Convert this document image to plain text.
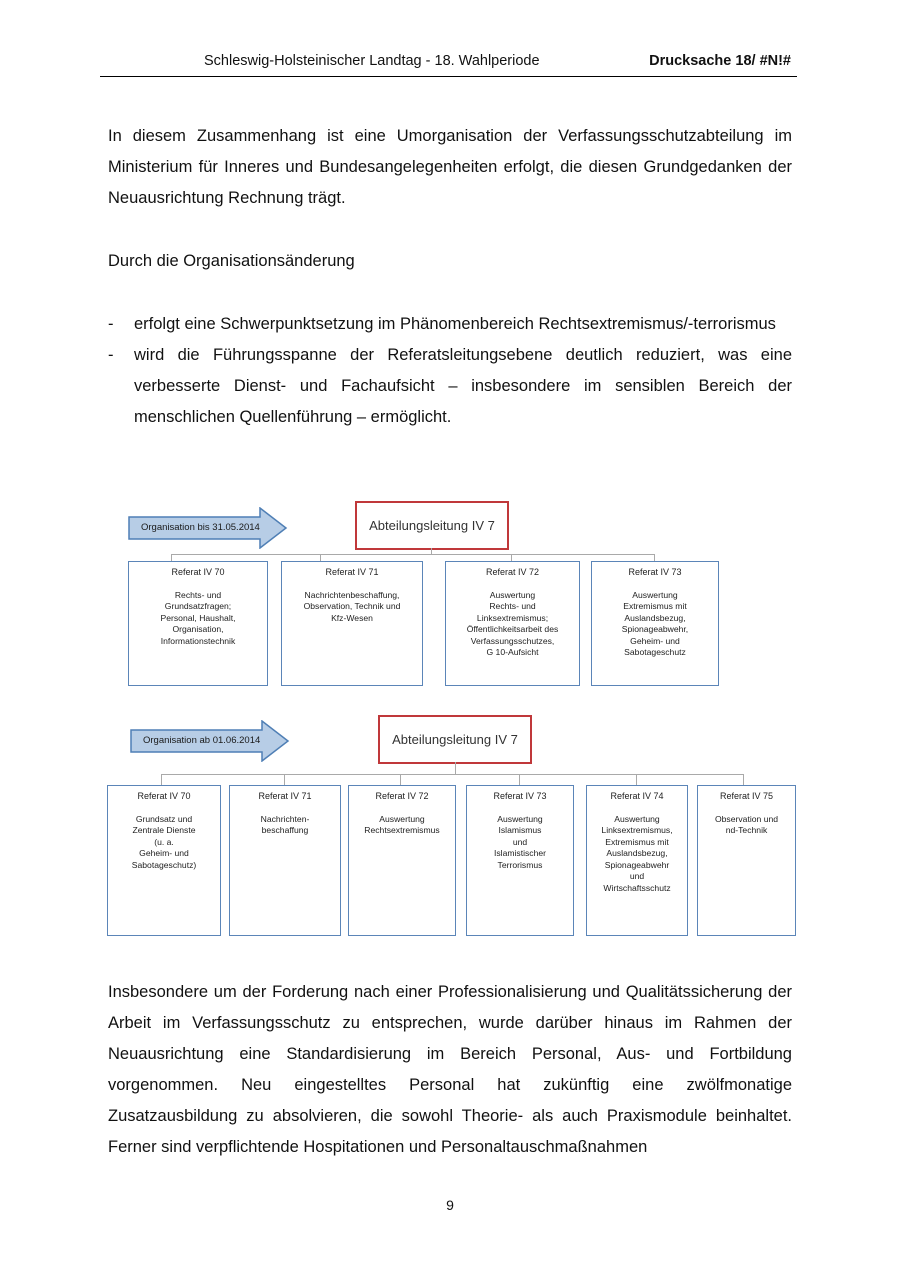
Schleswig-Holsteinischer Landtag - 18. Wahlperiode	Drucksache 18/ #N!#

In diesem Zusammenhang ist eine Umorganisation der Verfassungsschutzabteilung im Ministerium für Inneres und Bundesangelegenheiten erfolgt, die diesen Grundgedanken der Neuausrichtung Rechnung trägt.

Durch die Organisationsänderung

- erfolgt eine Schwerpunktsetzung im Phänomenbereich Rechtsextremismus/-terrorismus
- wird die Führungsspanne der Referatsleitungsebene deutlich reduziert, was eine verbesserte Dienst- und Fachaufsicht – insbesondere im sensiblen Bereich der menschlichen Quellenführung – ermöglicht.
Organisation bis 31.05.2014	Abteilungsleitung IV 7
Referat IV 70
Rechts- und
Grundsatzfragen;
Personal, Haushalt,
Organisation,
Informationstechnik
Referat IV 71
Nachrichtenbeschaffung,
Observation, Technik und
Kfz-Wesen
Referat IV 72
Auswertung
Rechts- und
Linksextremismus;
Öffentlichkeitsarbeit des
Verfassungsschutzes,
G 10-Aufsicht
Referat IV 73
Auswertung
Extremismus mit
Auslandsbezug,
Spionageabwehr,
Geheim- und
Sabotageschutz
Organisation ab 01.06.2014	Abteilungsleitung IV 7
Referat IV 70
Grundsatz und
Zentrale Dienste
(u. a.
Geheim- und
Sabotageschutz)
Referat IV 71
Nachrichten-
beschaffung
Referat IV 72
Auswertung
Rechtsextremismus
Referat IV 73
Auswertung
Islamismus
und
Islamistischer
Terrorismus
Referat IV 74
Auswertung
Linksextremismus,
Extremismus mit
Auslandsbezug,
Spionageabwehr
und
Wirtschaftsschutz
Referat IV 75
Observation und
nd-Technik

Insbesondere um der Forderung nach einer Professionalisierung und Qualitätssicherung der Arbeit im Verfassungsschutz zu entsprechen, wurde darüber hinaus im Rahmen der Neuausrichtung eine Standardisierung im Bereich Personal, Aus- und Fortbildung vorgenommen. Neu eingestelltes Personal hat zukünftig eine zwölfmonatige Zusatzausbildung zu absolvieren, die sowohl Theorie- als auch Praxismodule beinhaltet. Ferner sind verpflichtende Hospitationen und Personaltauschmaßnahmen

9
